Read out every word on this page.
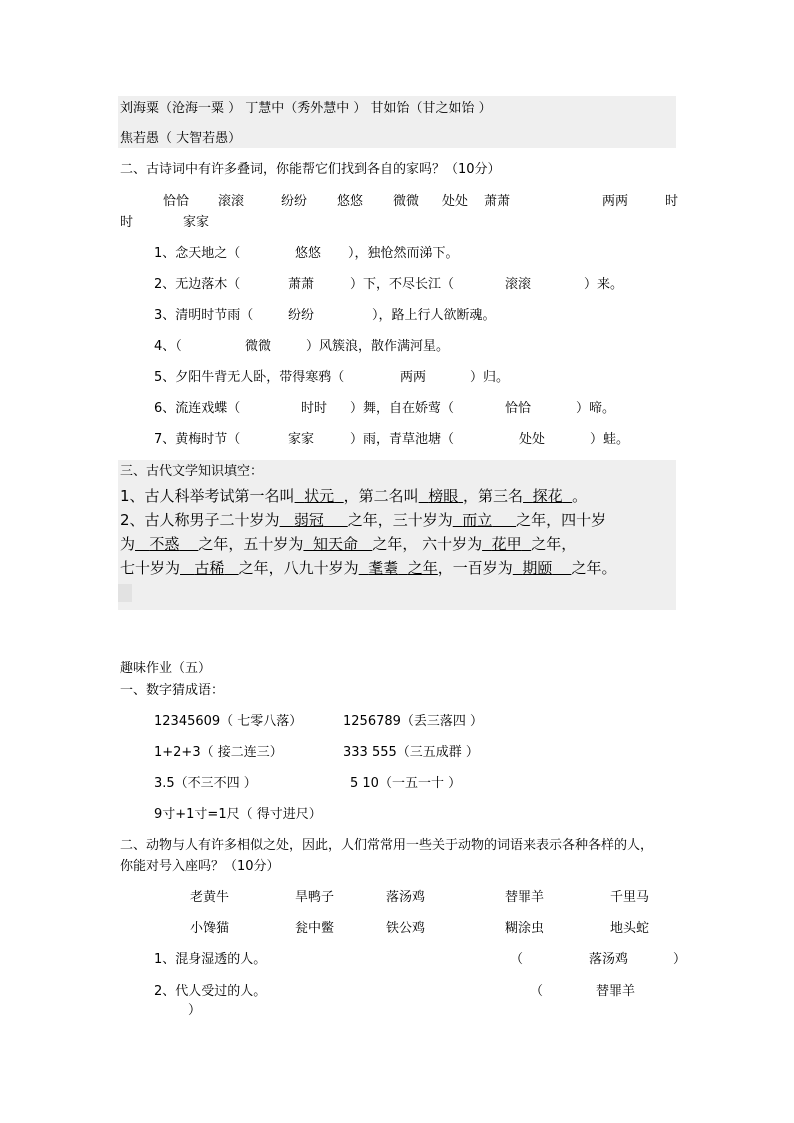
刘海粟（沧海一粟 ） 丁慧中（秀外慧中 ） 甘如饴（甘之如饴 ）
焦若愚（ 大智若愚）
二、古诗词中有许多叠词，你能帮它们找到各自的家吗？（10分）
恰恰 滚滚	纷纷 悠悠 微微 处处 萧萧	两两	时
时	家家
1、念天地之（	悠悠 ），独怆然而涕下。
2、无边落木（	萧萧	）下，不尽长江（	滚滚	）来。
3、清明时节雨（	纷纷	），路上行人欲断魂。
4、（	微微	）风簇浪，散作满河星。
5、夕阳牛背无人卧，带得寒鸦（	两两	）归。
6、流连戏蝶（	时时 ）舞，自在娇莺（	恰恰	）啼。
7、黄梅时节（	家家	）雨，青草池塘（	处处	）蛙。
三、古代文学知识填空：
1、古人科举考试第一名叫 状元 ，第二名叫 榜眼 ，第三名 探花 。
2、古人称男子二十岁为 弱冠 之年，三十岁为 而立 之年，四十岁
为 不惑 之年，五十岁为 知天命 之年， 六十岁为 花甲 之年，
七十岁为 古稀 之年，八九十岁为 耄耋 之年，一百岁为 期颐 之年。
趣味作业（五）
一、数字猜成语：
12345609（ 七零八落）	1256789（丢三落四 ）
1+2+3（ 接二连三）	333 555（三五成群 ）
3.5（不三不四 ）	5 10（一五一十 ）
9寸+1寸=1尺（ 得寸进尺）
二、动物与人有许多相似之处，因此，人们常常用一些关于动物的词语来表示各种各样的人，
你能对号入座吗？（10分）
老黄牛	旱鸭子	落汤鸡	替罪羊	千里马
小馋猫	瓮中鳖	铁公鸡	糊涂虫	地头蛇
1、混身湿透的人。	（	落汤鸡	）
2、代人受过的人。	（	替罪羊
）
